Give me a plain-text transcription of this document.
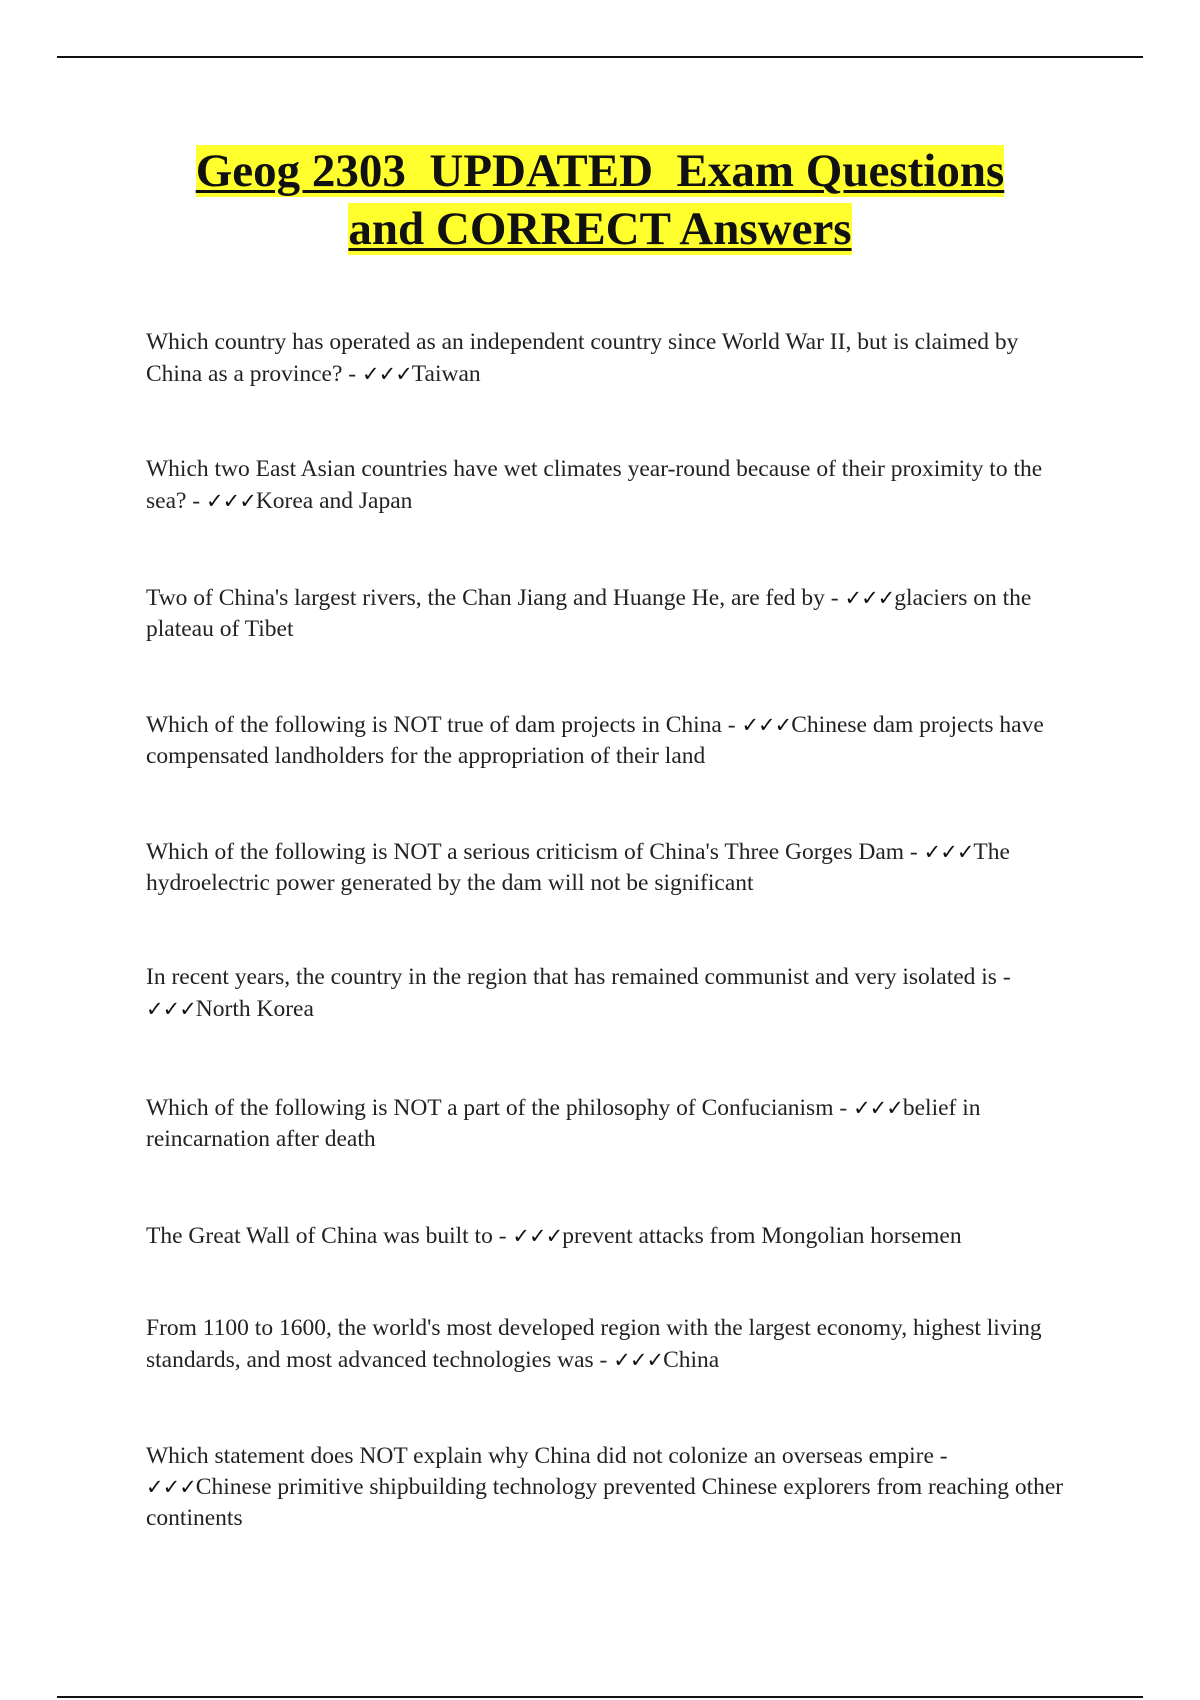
Geog 2303  UPDATED  Exam Questions
and CORRECT Answers

Which country has operated as an independent country since World War II, but is claimed by China as a province? - ✓✓✓Taiwan

Which two East Asian countries have wet climates year-round because of their proximity to the sea? - ✓✓✓Korea and Japan

Two of China's largest rivers, the Chan Jiang and Huange He, are fed by - ✓✓✓glaciers on the plateau of Tibet

Which of the following is NOT true of dam projects in China - ✓✓✓Chinese dam projects have compensated landholders for the appropriation of their land

Which of the following is NOT a serious criticism of China's Three Gorges Dam - ✓✓✓The hydroelectric power generated by the dam will not be significant

In recent years, the country in the region that has remained communist and very isolated is - ✓✓✓North Korea

Which of the following is NOT a part of the philosophy of Confucianism - ✓✓✓belief in reincarnation after death

The Great Wall of China was built to - ✓✓✓prevent attacks from Mongolian horsemen

From 1100 to 1600, the world's most developed region with the largest economy, highest living standards, and most advanced technologies was - ✓✓✓China

Which statement does NOT explain why China did not colonize an overseas empire - ✓✓✓Chinese primitive shipbuilding technology prevented Chinese explorers from reaching other continents
